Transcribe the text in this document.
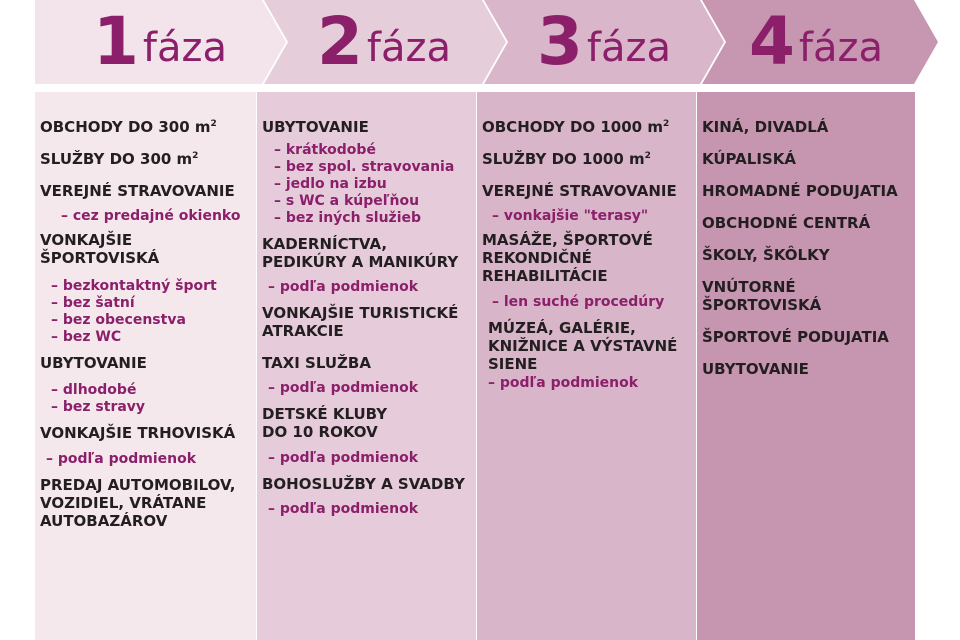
1 fáza 2 fáza 3 fáza 4 fáza
OBCHODY DO 300 $m^2$
SLUŽBY DO 300 $m^2$
VEREJNÉ STRAVOVANIE
– cez predajné okienko
VONKAJŠIE
ŠPORTOVISKÁ
– bezkontaktný šport
– bez šatní
– bez obecenstva
– bez WC
UBYTOVANIE
– dlhodobé
– bez stravy
VONKAJŠIE TRHOVISKÁ
– podľa podmienok
PREDAJ AUTOMOBILOV,
VOZIDIEL, VRÁTANE
AUTOBAZÁROV
UBYTOVANIE
– krátkodobé
– bez spol. stravovania
– jedlo na izbu
– s WC a kúpeľňou
– bez iných služieb
KADERNÍCTVA,
PEDIKÚRY A MANIKÚRY
– podľa podmienok
VONKAJŠIE TURISTICKÉ
ATRAKCIE
TAXI SLUŽBA
– podľa podmienok
DETSKÉ KLUBY
DO 10 ROKOV
– podľa podmienok
BOHOSLUŽBY A SVADBY
– podľa podmienok
OBCHODY DO 1000 $m^2$
SLUŽBY DO 1000 $m^2$
VEREJNÉ STRAVOVANIE
– vonkajšie "terasy"
MASÁŽE, ŠPORTOVÉ
REKONDIČNÉ
REHABILITÁCIE
– len suché procedúry
MÚZEÁ, GALÉRIE,
KNIŽNICE A VÝSTAVNÉ
SIENE
– podľa podmienok
KINÁ, DIVADLÁ
KÚPALISKÁ
HROMADNÉ PODUJATIA
OBCHODNÉ CENTRÁ
ŠKOLY, ŠKÔLKY
VNÚTORNÉ
ŠPORTOVISKÁ
ŠPORTOVÉ PODUJATIA
UBYTOVANIE
